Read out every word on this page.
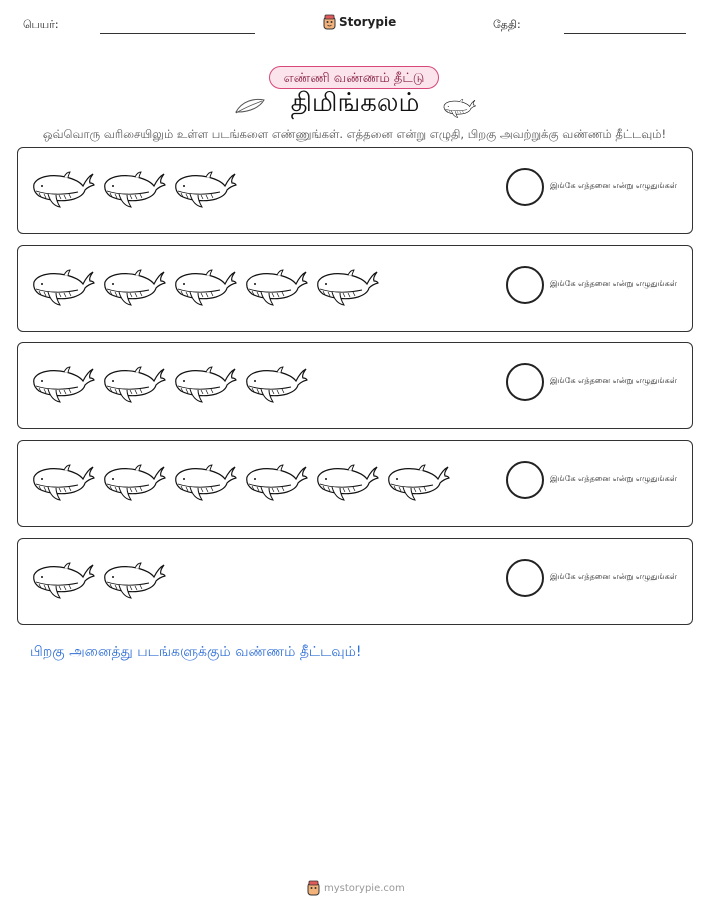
பெயர்:	Storypie	தேதி:
எண்ணி வண்ணம் தீட்டு
திமிங்கலம்
ஒவ்வொரு வரிசையிலும் உள்ள படங்களை எண்ணுங்கள். எத்தனை என்று எழுதி, பிறகு அவற்றுக்கு வண்ணம் தீட்டவும்!
இங்கே எத்தனை என்று எழுதுங்கள்
இங்கே எத்தனை என்று எழுதுங்கள்
இங்கே எத்தனை என்று எழுதுங்கள்
இங்கே எத்தனை என்று எழுதுங்கள்
இங்கே எத்தனை என்று எழுதுங்கள்
பிறகு அனைத்து படங்களுக்கும் வண்ணம் தீட்டவும்!
mystorypie.com
